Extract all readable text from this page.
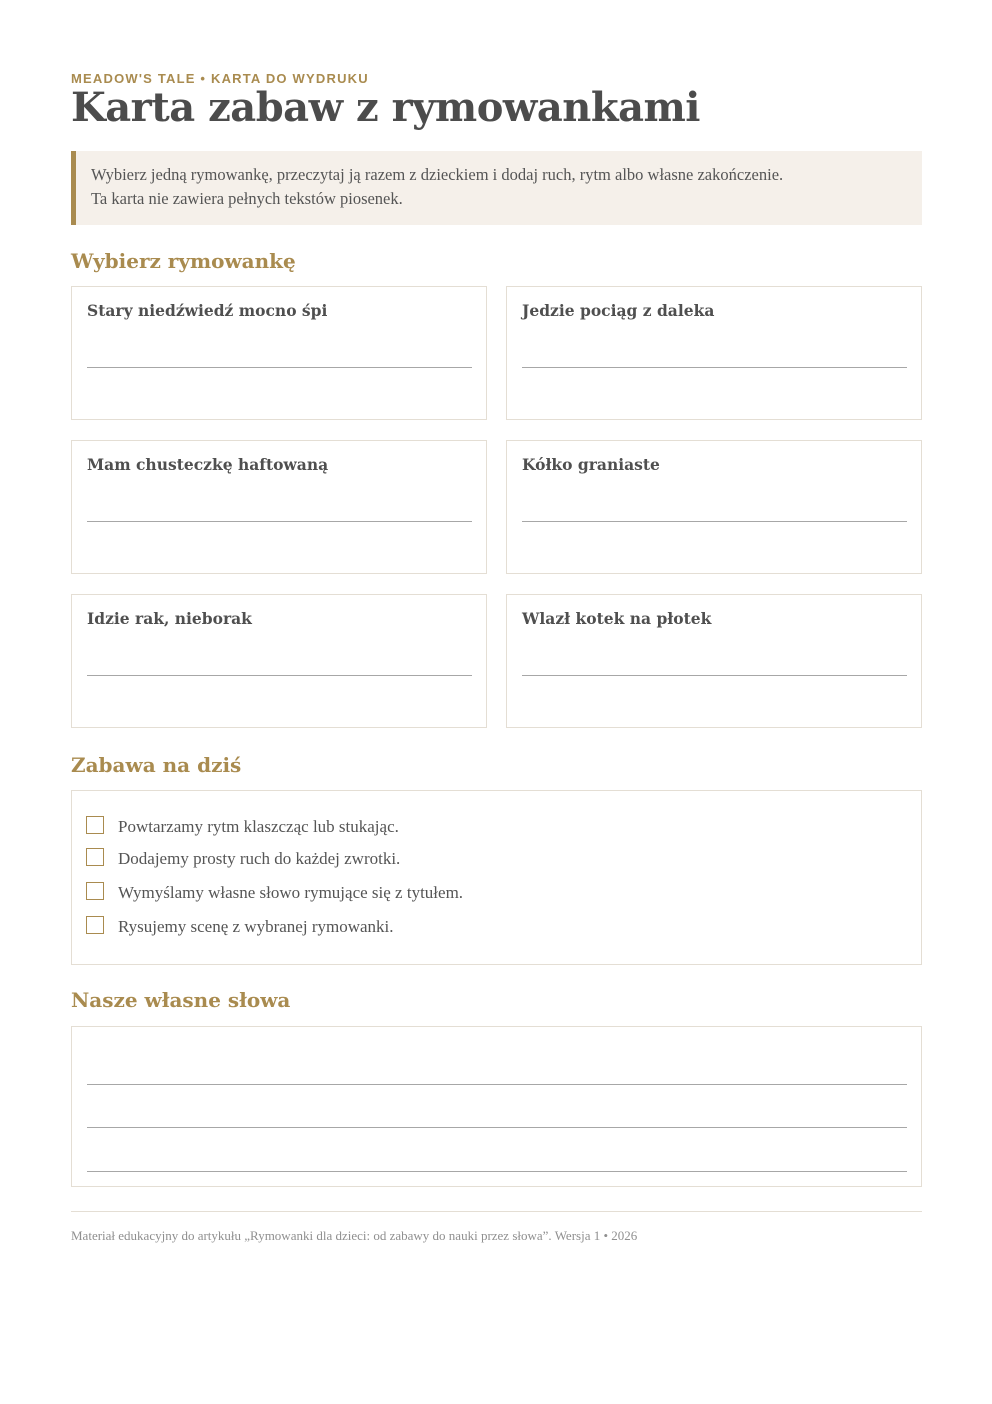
MEADOW'S TALE • KARTA DO WYDRUKU
Karta zabaw z rymowankami
Wybierz jedną rymowankę, przeczytaj ją razem z dzieckiem i dodaj ruch, rytm albo własne zakończenie.
Ta karta nie zawiera pełnych tekstów piosenek.
Wybierz rymowankę
Stary niedźwiedź mocno śpi	Jedzie pociąg z daleka
Mam chusteczkę haftowaną	Kółko graniaste
Idzie rak, nieborak	Wlazł kotek na płotek
Zabawa na dziś
Powtarzamy rytm klaszcząc lub stukając.
Dodajemy prosty ruch do każdej zwrotki.
Wymyślamy własne słowo rymujące się z tytułem.
Rysujemy scenę z wybranej rymowanki.
Nasze własne słowa
Materiał edukacyjny do artykułu „Rymowanki dla dzieci: od zabawy do nauki przez słowa”. Wersja 1 • 2026
